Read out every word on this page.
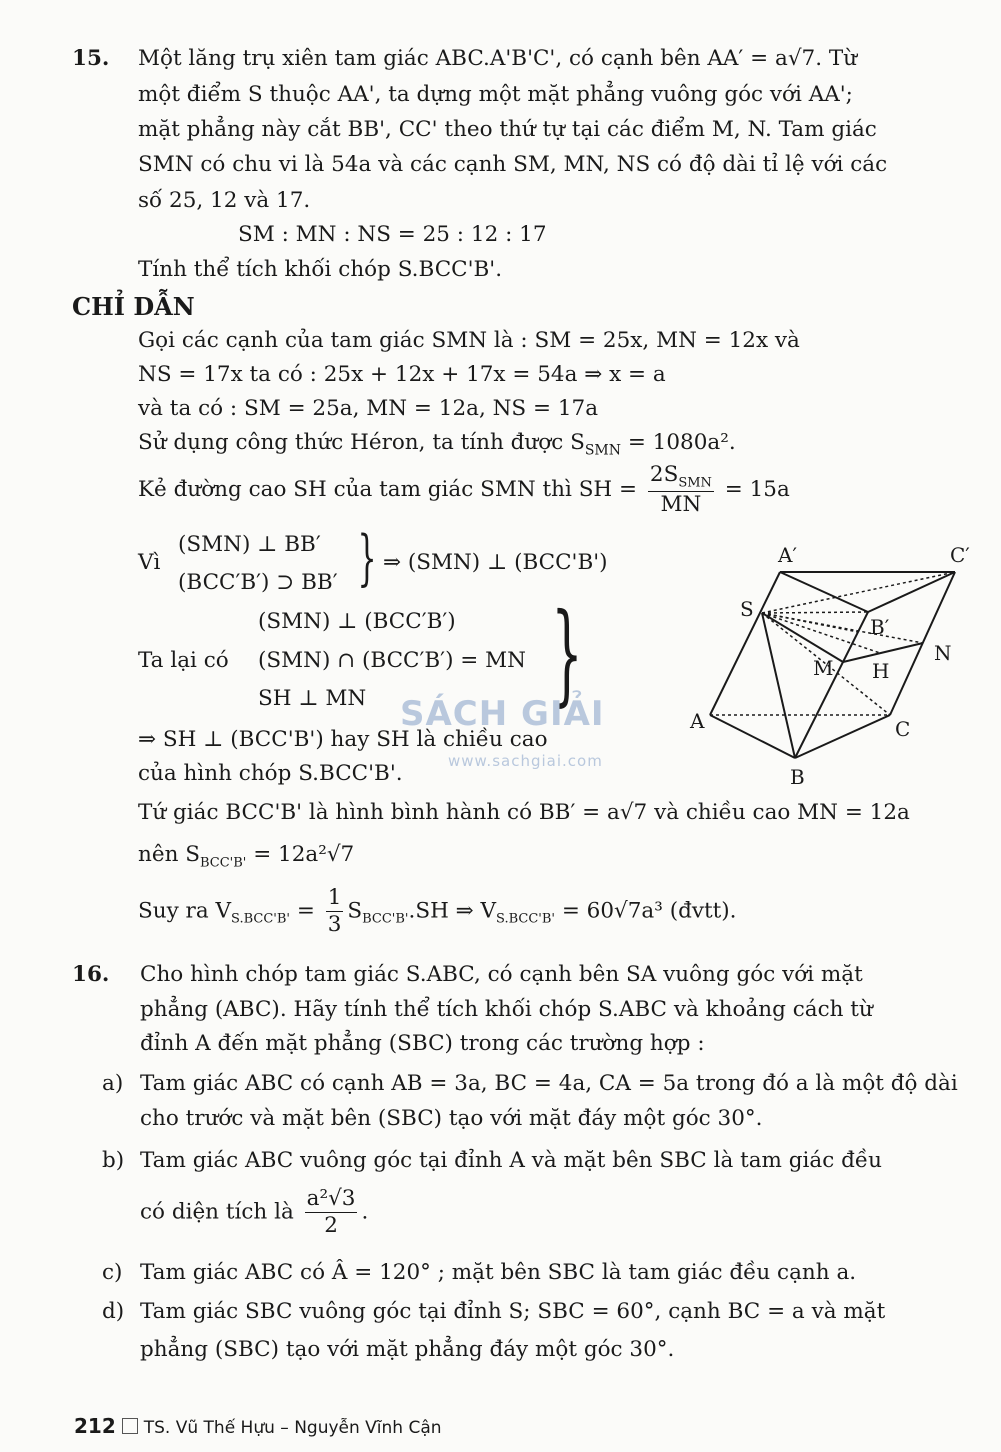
15. Một lăng trụ xiên tam giác ABC.A'B'C', có cạnh bên AA′ = a√7. Từ
một điểm S thuộc AA', ta dựng một mặt phẳng vuông góc với AA';
mặt phẳng này cắt BB', CC' theo thứ tự tại các điểm M, N. Tam giác
SMN có chu vi là 54a và các cạnh SM, MN, NS có độ dài tỉ lệ với các
số 25, 12 và 17.
SM : MN : NS = 25 : 12 : 17
Tính thể tích khối chóp S.BCC'B'.
CHỈ DẪN
Gọi các cạnh của tam giác SMN là : SM = 25x, MN = 12x và
NS = 17x ta có : 25x + 12x + 17x = 54a ⇒ x = a
và ta có : SM = 25a, MN = 12a, NS = 17a
Sử dụng công thức Héron, ta tính được $S_{SMN} = 1080a^2$.
Kẻ đường cao SH của tam giác SMN thì SH = $\frac{2S_{SMN}}{MN} = 15a$
Vì
(SMN) ⊥ BB′
(BCC′B′) ⊃ BB′ } ⇒ (SMN) ⊥ (BCC'B')
(SMN) ⊥ (BCC′B′)
Ta lại có (SMN) ∩ (BCC′B′) = MN
SH ⊥ MN }
⇒ SH ⊥ (BCC'B') hay SH là chiều cao
của hình chóp S.BCC'B'.
Tứ giác BCC'B' là hình bình hành có BB′ = a√7 và chiều cao MN = 12a
nên $S_{BCC'B'} = 12a^2√7$
Suy ra $V_{S.BCC'B'} = \frac{1}{3} S_{BCC'B'}.SH$ ⇒ $V_{S.BCC'B'} = 60√7a^3$ (đvtt).
A′	C′
S
B′
N
M H
A	C
B
SÁCH GIẢI
www.sachgiai.com
16. Cho hình chóp tam giác S.ABC, có cạnh bên SA vuông góc với mặt
phẳng (ABC). Hãy tính thể tích khối chóp S.ABC và khoảng cách từ
đỉnh A đến mặt phẳng (SBC) trong các trường hợp :
a) Tam giác ABC có cạnh AB = 3a, BC = 4a, CA = 5a trong đó a là một độ dài
cho trước và mặt bên (SBC) tạo với mặt đáy một góc 30°.
b) Tam giác ABC vuông góc tại đỉnh A và mặt bên SBC là tam giác đều
có diện tích là $\frac{\text{a²√3}}{2}$ .
c) Tam giác ABC có Â = 120° ; mặt bên SBC là tam giác đều cạnh a.
d) Tam giác SBC vuông góc tại đỉnh S; SBC = 60°, cạnh BC = a và mặt
phẳng (SBC) tạo với mặt phẳng đáy một góc 30°.
212 TS. Vũ Thế Hựu – Nguyễn Vĩnh Cận
